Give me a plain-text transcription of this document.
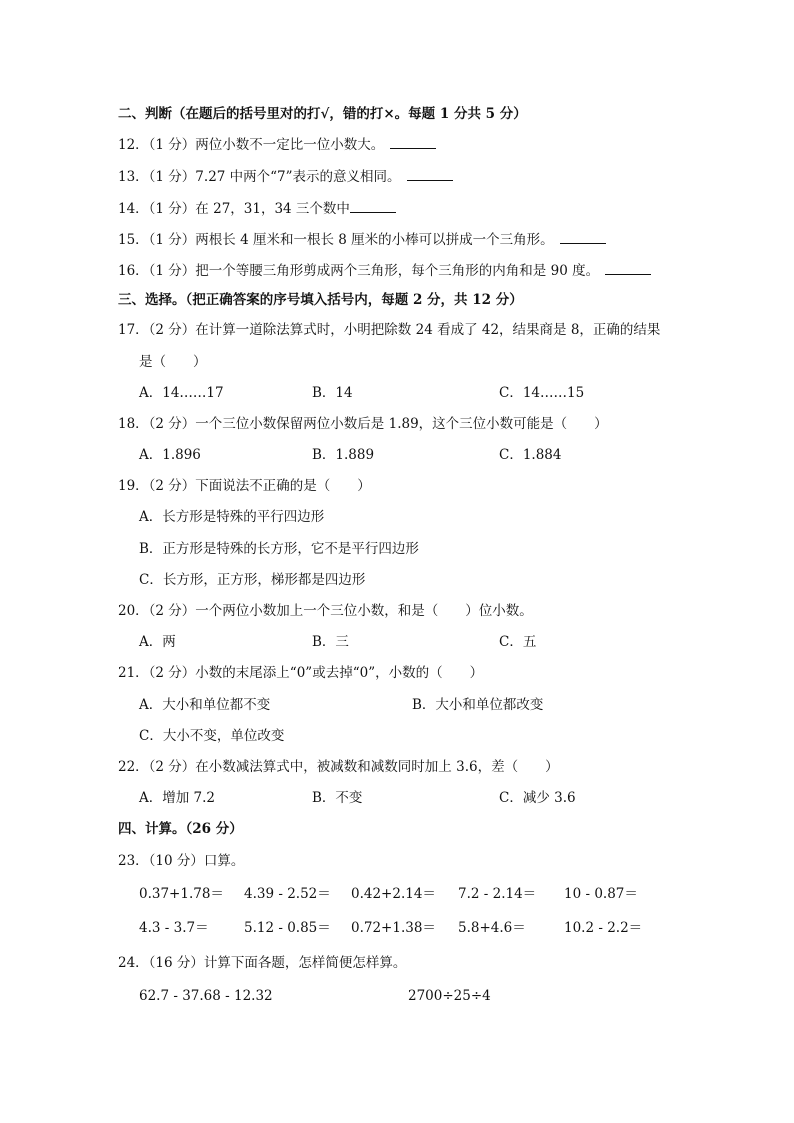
二、判断（在题后的括号里对的打√，错的打×。每题 1 分共 5 分）
12．（1 分）两位小数不一定比一位小数大。
13．（1 分）7.27 中两个“7”表示的意义相同。
14．（1 分）在 27，31，34 三个数中
15．（1 分）两根长 4 厘米和一根长 8 厘米的小棒可以拼成一个三角形。
16．（1 分）把一个等腰三角形剪成两个三角形，每个三角形的内角和是 90 度。
三、选择。（把正确答案的序号填入括号内，每题 2 分，共 12 分）
17．（2 分）在计算一道除法算式时，小明把除数 24 看成了 42，结果商是 8，正确的结果
是（　　）
A．14……17	B．14	C．14……15
18．（2 分）一个三位小数保留两位小数后是 1.89，这个三位小数可能是（　　）
A．1.896	B．1.889	C．1.884
19．（2 分）下面说法不正确的是（　　）
A．长方形是特殊的平行四边形
B．正方形是特殊的长方形，它不是平行四边形
C．长方形，正方形，梯形都是四边形
20．（2 分）一个两位小数加上一个三位小数，和是（　　）位小数。
A．两	B．三	C．五
21．（2 分）小数的末尾添上“0”或去掉“0”，小数的（　　）
A．大小和单位都不变	B．大小和单位都改变
C．大小不变，单位改变
22．（2 分）在小数减法算式中，被减数和减数同时加上 3.6，差（　　）
A．增加 7.2	B．不变	C．减少 3.6
四、计算。（26 分）
23．（10 分）口算。
0.37+1.78＝ 4.39 - 2.52＝ 0.42+2.14＝ 7.2 - 2.14＝ 10 - 0.87＝
4.3 - 3.7＝	5.12 - 0.85＝ 0.72+1.38＝ 5.8+4.6＝	10.2 - 2.2＝
24．（16 分）计算下面各题，怎样简便怎样算。
62.7 - 37.68 - 12.32	2700÷25÷4
